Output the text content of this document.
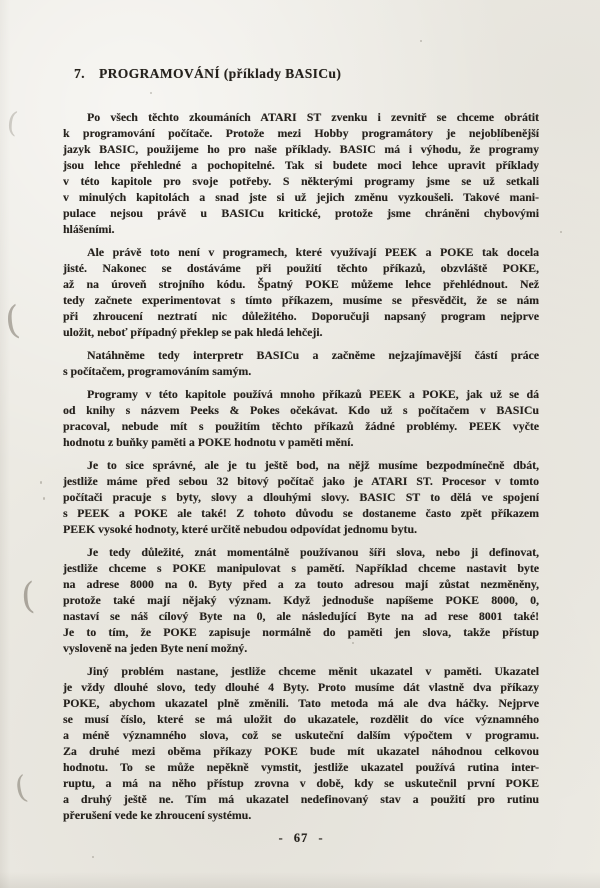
(
(
(
(
7. PROGRAMOVÁNÍ (příklady BASICu)
Po všech těchto zkoumáních ATARI ST zvenku i zevnitř se chceme obrátit
k programování počítače. Protože mezi Hobby programátory je nejoblíbenější
jazyk BASIC, použijeme ho pro naše příklady. BASIC má i výhodu, že programy
jsou lehce přehledné a pochopitelné. Tak si budete moci lehce upravit příklady
v této kapitole pro svoje potřeby. S některými programy jsme se už setkali
v minulých kapitolách a snad jste si už jejich změnu vyzkoušeli. Takové mani-
pulace nejsou právě u BASICu kritické, protože jsme chráněni chybovými
hlášeními.
Ale právě toto není v programech, které využívají PEEK a POKE tak docela
jisté. Nakonec se dostáváme při použití těchto příkazů, obzvláště POKE,
až na úroveň strojního kódu. Špatný POKE můžeme lehce přehlédnout. Než
tedy začnete experimentovat s tímto příkazem, musíme se přesvědčit, že se nám
při zhroucení neztratí nic důležitého. Doporučuji napsaný program nejprve
uložit, neboť případný překlep se pak hledá lehčeji.
Natáhněme tedy interpretr BASICu a začněme nejzajímavější částí práce
s počítačem, programováním samým.
Programy v této kapitole používá mnoho příkazů PEEK a POKE, jak už se dá
od knihy s názvem Peeks & Pokes očekávat. Kdo už s počítačem v BASICu
pracoval, nebude mít s použitím těchto příkazů žádné problémy. PEEK vyčte
hodnotu z buňky paměti a POKE hodnotu v paměti mění.
Je to sice správné, ale je tu ještě bod, na nějž musíme bezpodmínečně dbát,
jestliže máme před sebou 32 bitový počítač jako je ATARI ST. Procesor v tomto
počítači pracuje s byty, slovy a dlouhými slovy. BASIC ST to dělá ve spojení
s PEEK a POKE ale také! Z tohoto důvodu se dostaneme často zpět příkazem
PEEK vysoké hodnoty, které určitě nebudou odpovídat jednomu bytu.
Je tedy důležité, znát momentálně používanou šíři slova, nebo ji definovat,
jestliže chceme s POKE manipulovat s pamětí. Například chceme nastavit byte
na adrese 8000 na 0. Byty před a za touto adresou mají zůstat nezměněny,
protože také mají nějaký význam. Když jednoduše napíšeme POKE 8000, 0,
nastaví se náš cílový Byte na 0, ale následující Byte na ad rese 8001 také!
Je to tím, že POKE zapisuje normálně do paměti jen slova, takže přístup
vysloveně na jeden Byte není možný.
Jiný problém nastane, jestliže chceme měnit ukazatel v paměti. Ukazatel
je vždy dlouhé slovo, tedy dlouhé 4 Byty. Proto musíme dát vlastně dva příkazy
POKE, abychom ukazatel plně změnili. Tato metoda má ale dva háčky. Nejprve
se musí číslo, které se má uložit do ukazatele, rozdělit do více významného
a méně významného slova, což se uskuteční dalším výpočtem v programu.
Za druhé mezi oběma příkazy POKE bude mít ukazatel náhodnou celkovou
hodnotu. To se může nepěkně vymstit, jestliže ukazatel používá rutina inter-
ruptu, a má na něho přístup zrovna v době, kdy se uskutečnil první POKE
a druhý ještě ne. Tím má ukazatel nedefinovaný stav a použití pro rutinu
přerušení vede ke zhroucení systému.
- 67 -
